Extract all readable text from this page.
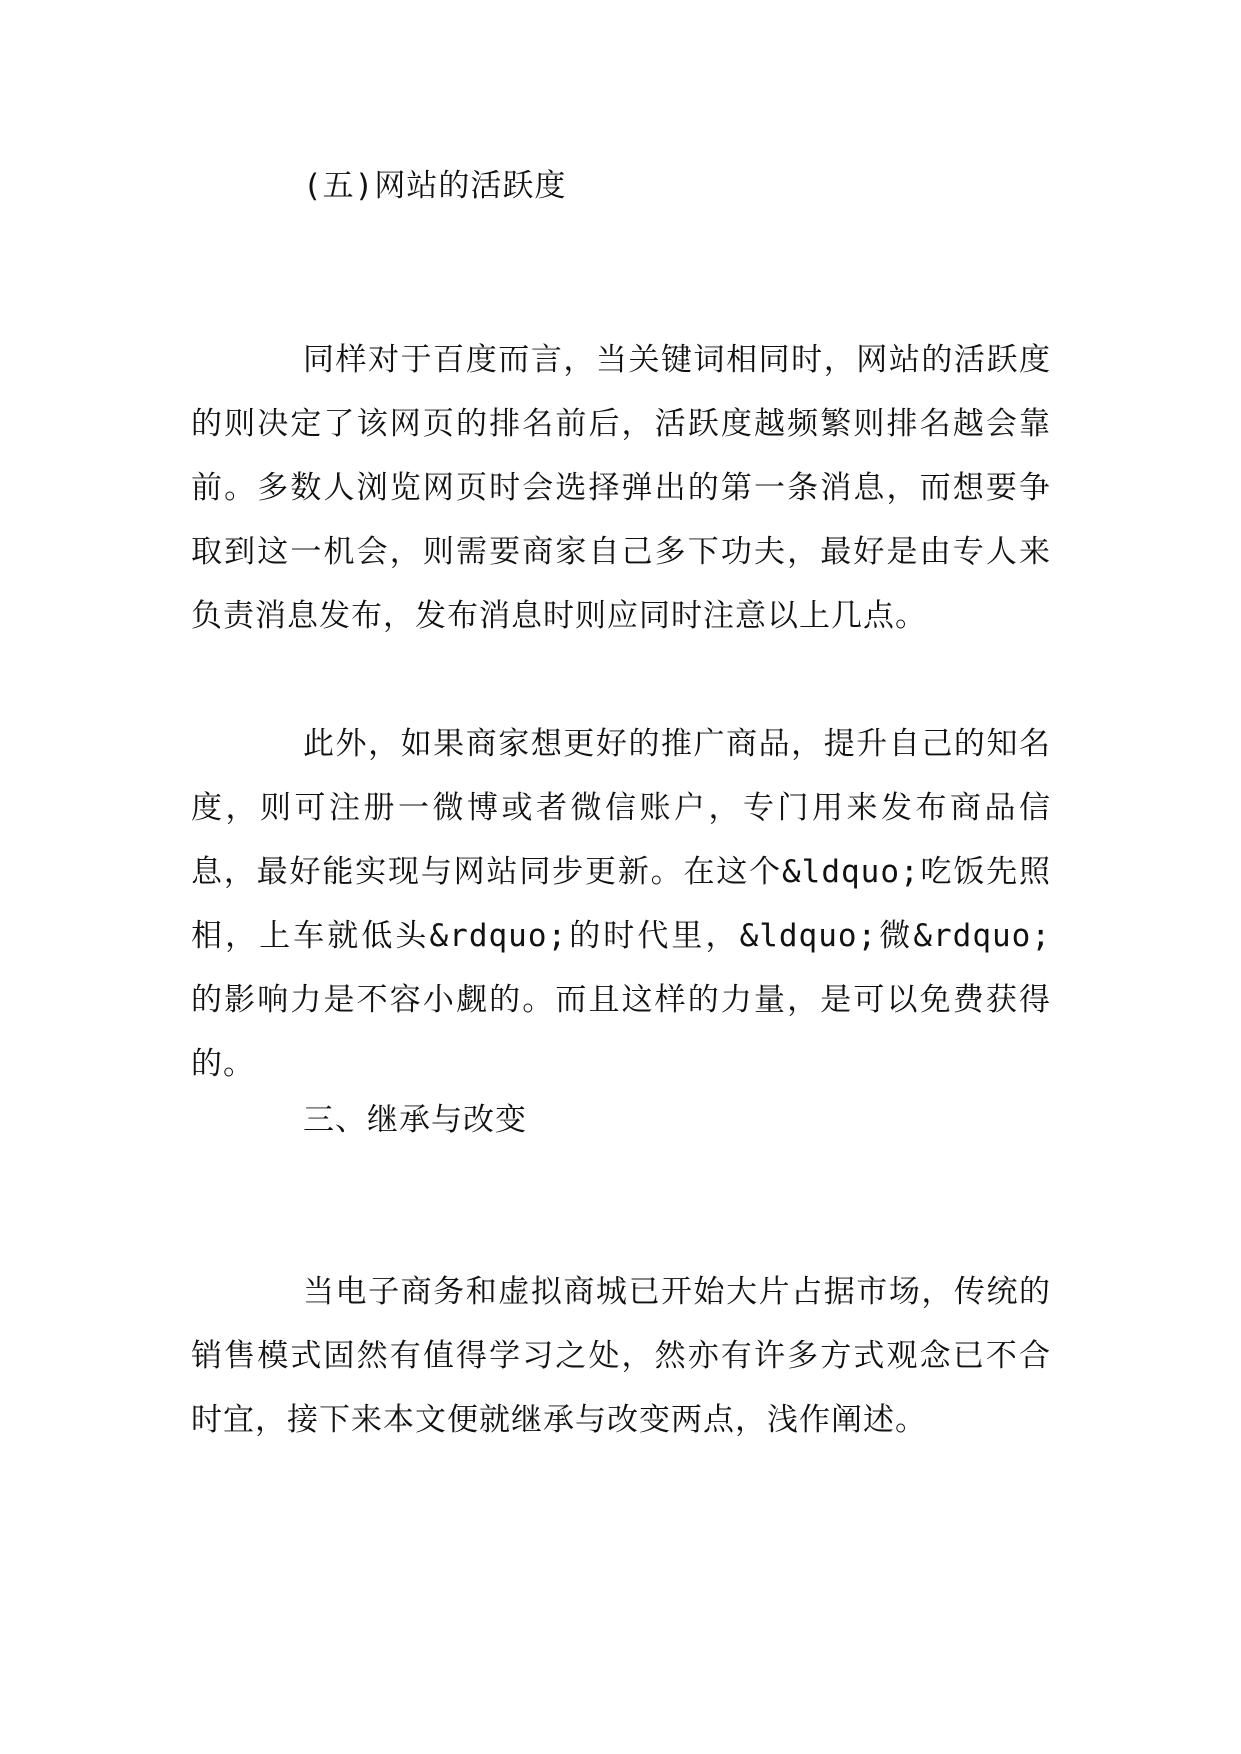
(五)网站的活跃度

同样对于百度而言，当关键词相同时，网站的活跃度的则决定了该网页的排名前后，活跃度越频繁则排名越会靠前。多数人浏览网页时会选择弹出的第一条消息，而想要争取到这一机会，则需要商家自己多下功夫，最好是由专人来负责消息发布，发布消息时则应同时注意以上几点。

此外，如果商家想更好的推广商品，提升自己的知名度，则可注册一微博或者微信账户，专门用来发布商品信息，最好能实现与网站同步更新。在这个&ldquo;吃饭先照相，上车就低头&rdquo;的时代里，&ldquo;微&rdquo;的影响力是不容小觑的。而且这样的力量，是可以免费获得的。

三、继承与改变

当电子商务和虚拟商城已开始大片占据市场，传统的销售模式固然有值得学习之处，然亦有许多方式观念已不合时宜，接下来本文便就继承与改变两点，浅作阐述。
